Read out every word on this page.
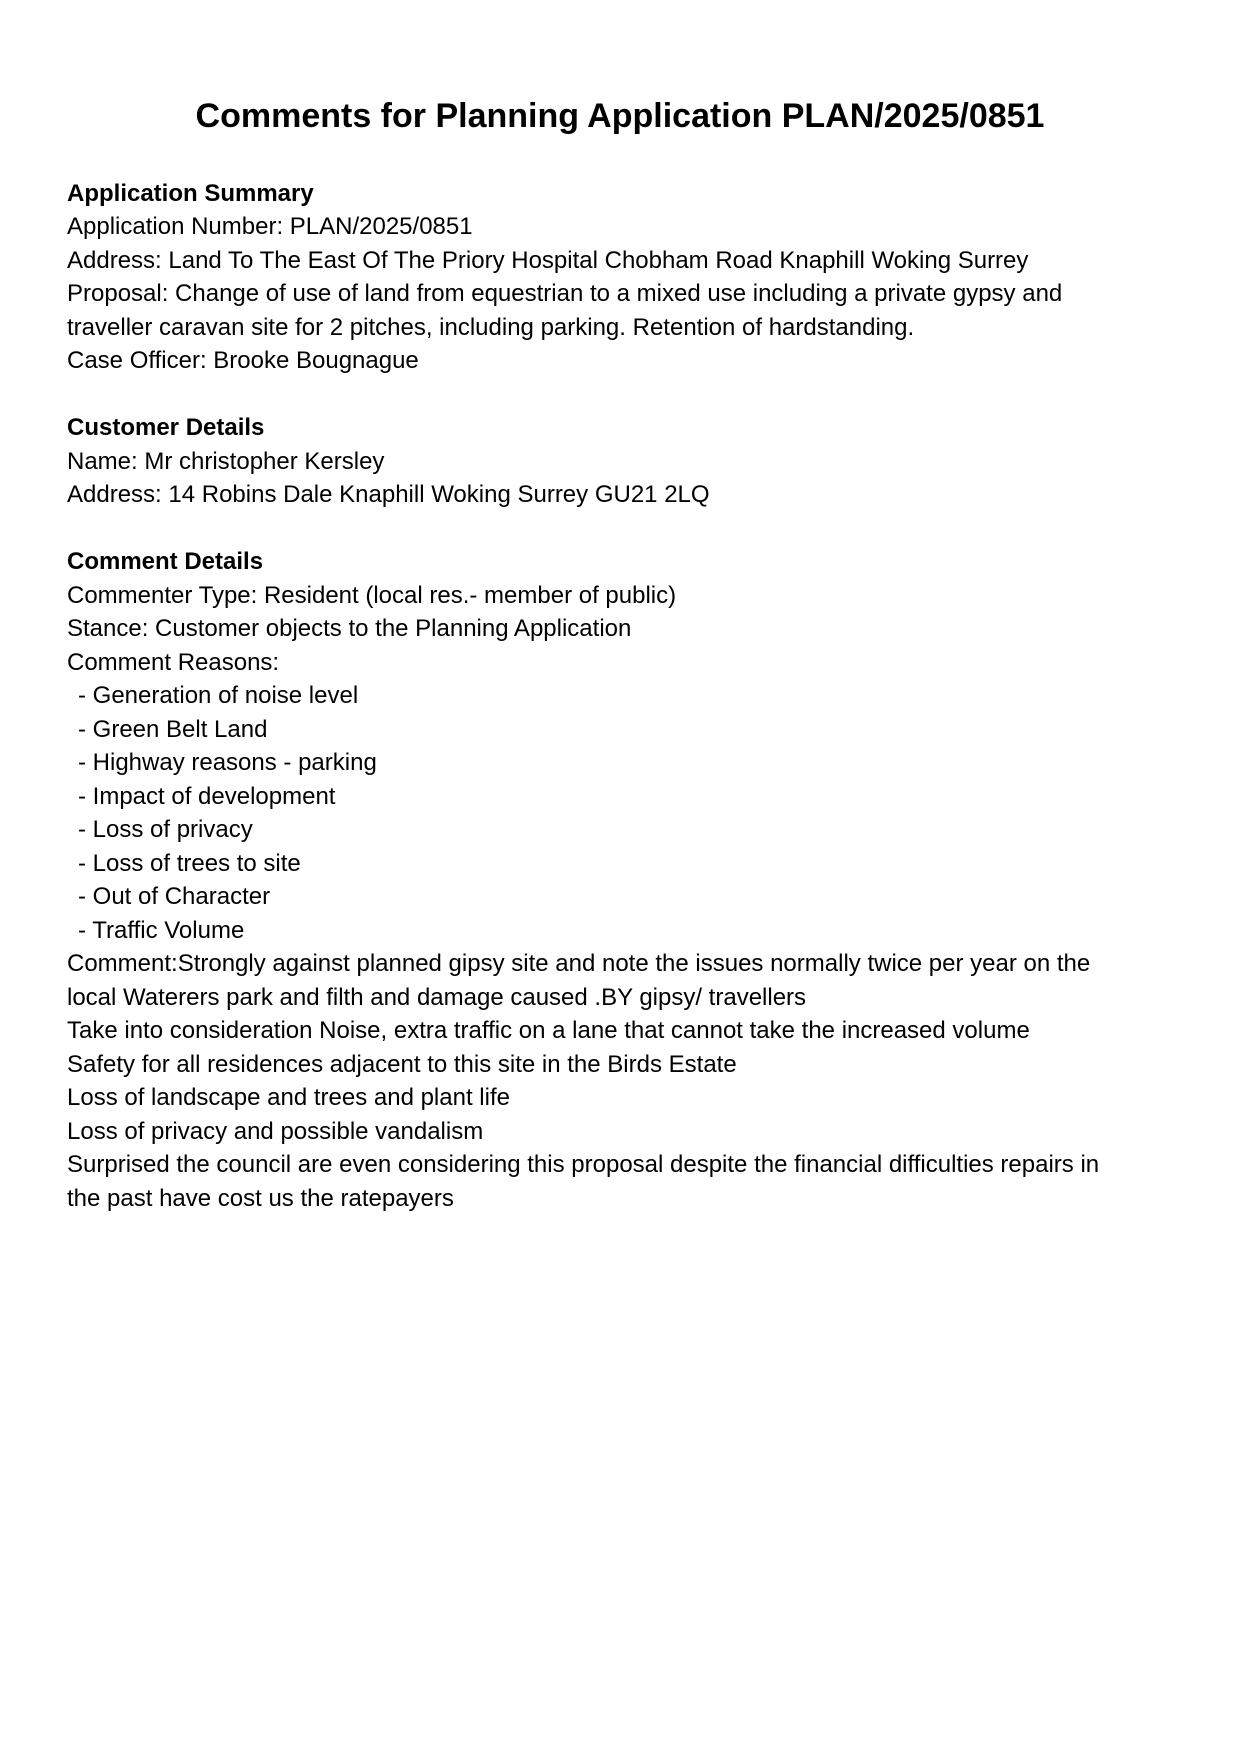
Comments for Planning Application PLAN/2025/0851
Application Summary
Application Number: PLAN/2025/0851
Address: Land To The East Of The Priory Hospital Chobham Road Knaphill Woking Surrey
Proposal: Change of use of land from equestrian to a mixed use including a private gypsy and
traveller caravan site for 2 pitches, including parking. Retention of hardstanding.
Case Officer: Brooke Bougnague
Customer Details
Name: Mr christopher Kersley
Address: 14 Robins Dale Knaphill Woking Surrey GU21 2LQ
Comment Details
Commenter Type: Resident (local res.- member of public)
Stance: Customer objects to the Planning Application
Comment Reasons:
- Generation of noise level
- Green Belt Land
- Highway reasons - parking
- Impact of development
- Loss of privacy
- Loss of trees to site
- Out of Character
- Traffic Volume
Comment:Strongly against planned gipsy site and note the issues normally twice per year on the
local Waterers park and filth and damage caused .BY gipsy/ travellers
Take into consideration Noise, extra traffic on a lane that cannot take the increased volume
Safety for all residences adjacent to this site in the Birds Estate
Loss of landscape and trees and plant life
Loss of privacy and possible vandalism
Surprised the council are even considering this proposal despite the financial difficulties repairs in
the past have cost us the ratepayers
